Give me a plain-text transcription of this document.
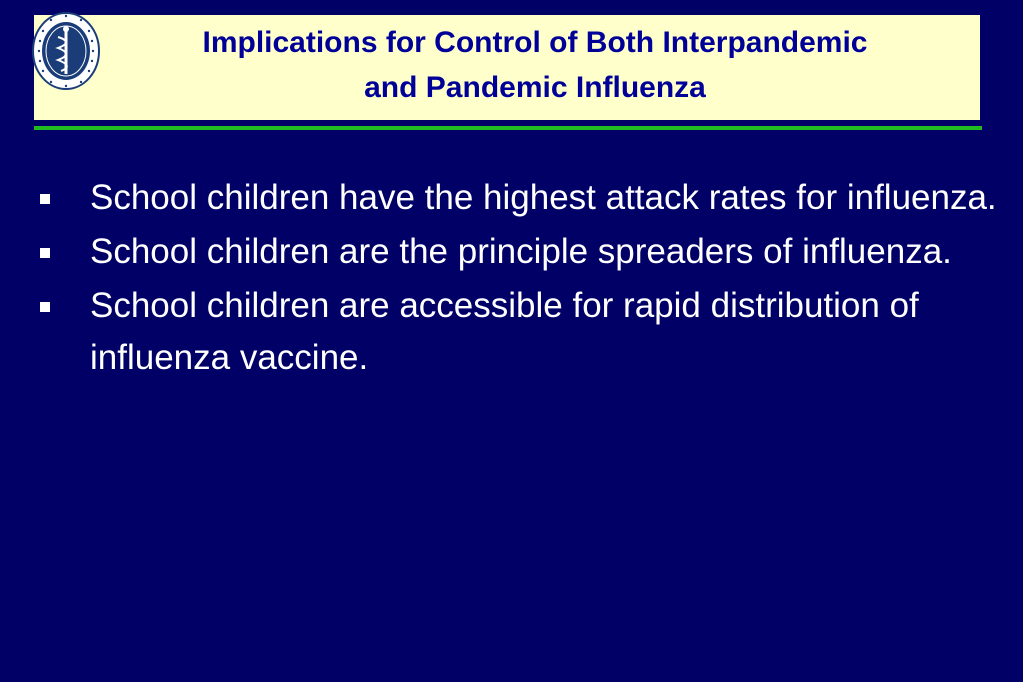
Implications for Control of Both Interpandemic
and Pandemic Influenza
School children have the highest attack rates for influenza.
School children are the principle spreaders of influenza.
School children are accessible for rapid distribution of influenza vaccine.
